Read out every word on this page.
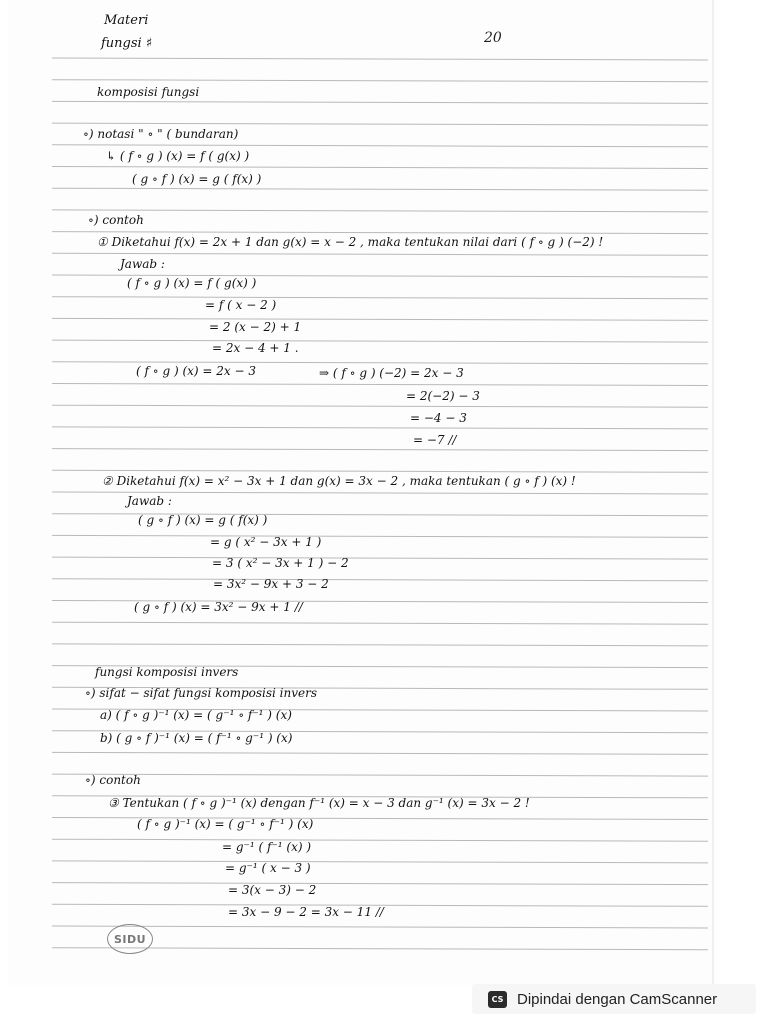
20
Materi
fungsi ♯
komposisi fungsi
∘) notasi " ∘ " ( bundaran)
↳ ( f ∘ g ) (x) = f ( g(x) )
( g ∘ f ) (x) = g ( f(x) )
∘) contoh
① Diketahui f(x) = 2x + 1 dan g(x) = x − 2 , maka tentukan nilai dari ( f ∘ g ) (−2) !
Jawab :
( f ∘ g ) (x) = f ( g(x) )
= f ( x − 2 )
= 2 (x − 2) + 1
= 2x − 4 + 1 .
( f ∘ g ) (x) = 2x − 3	⇒ ( f ∘ g ) (−2) = 2x − 3
= 2(−2) − 3
= −4 − 3
= −7 //
② Diketahui f(x) = x² − 3x + 1 dan g(x) = 3x − 2 , maka tentukan ( g ∘ f ) (x) !
Jawab :
( g ∘ f ) (x) = g ( f(x) )
= g ( x² − 3x + 1 )
= 3 ( x² − 3x + 1 ) − 2
= 3x² − 9x + 3 − 2
( g ∘ f ) (x) = 3x² − 9x + 1 //
fungsi komposisi invers
∘) sifat − sifat fungsi komposisi invers
a) ( f ∘ g )⁻¹ (x) = ( g⁻¹ ∘ f⁻¹ ) (x)
b) ( g ∘ f )⁻¹ (x) = ( f⁻¹ ∘ g⁻¹ ) (x)
∘) contoh
③ Tentukan ( f ∘ g )⁻¹ (x) dengan f⁻¹ (x) = x − 3 dan g⁻¹ (x) = 3x − 2 !
( f ∘ g )⁻¹ (x) = ( g⁻¹ ∘ f⁻¹ ) (x)
= g⁻¹ ( f⁻¹ (x) )
= g⁻¹ ( x − 3 )
= 3(x − 3) − 2
= 3x − 9 − 2 = 3x − 11 //
SIDU
CS Dipindai dengan CamScanner
